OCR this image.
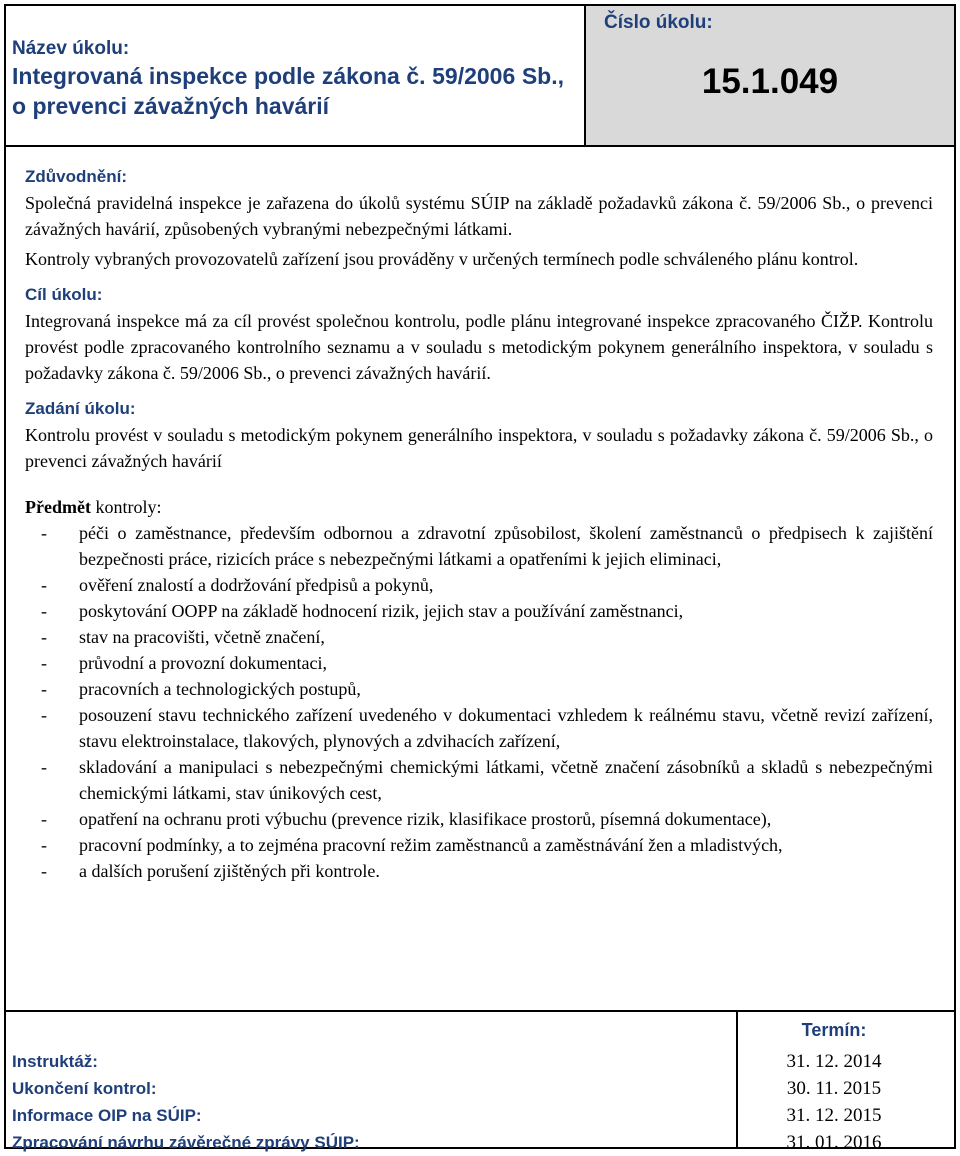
Název úkolu:
Integrovaná inspekce podle zákona č. 59/2006 Sb., o prevenci závažných havárií
Číslo úkolu:
15.1.049
Zdůvodnění:
Společná pravidelná inspekce je zařazena do úkolů systému SÚIP na základě požadavků zákona č. 59/2006 Sb., o prevenci závažných havárií, způsobených vybranými nebezpečnými látkami.
Kontroly vybraných provozovatelů zařízení jsou prováděny v určených termínech podle schváleného plánu kontrol.
Cíl úkolu:
Integrovaná inspekce má za cíl provést společnou kontrolu, podle plánu integrované inspekce zpracovaného ČIŽP. Kontrolu provést podle zpracovaného kontrolního seznamu a v souladu s metodickým pokynem generálního inspektora, v souladu s požadavky zákona č. 59/2006 Sb., o prevenci závažných havárií.
Zadání úkolu:
Kontrolu provést v souladu s metodickým pokynem generálního inspektora, v souladu s požadavky zákona č. 59/2006 Sb., o prevenci závažných havárií
Předmět kontroly:
- péči o zaměstnance, především odbornou a zdravotní způsobilost, školení zaměstnanců o předpisech k zajištění bezpečnosti práce, rizicích práce s nebezpečnými látkami a opatřeními k jejich eliminaci,
- ověření znalostí a dodržování předpisů a pokynů,
- poskytování OOPP na základě hodnocení rizik, jejich stav a používání zaměstnanci,
- stav na pracovišti, včetně značení,
- průvodní a provozní dokumentaci,
- pracovních a technologických postupů,
- posouzení stavu technického zařízení uvedeného v dokumentaci vzhledem k reálnému stavu, včetně revizí zařízení, stavu elektroinstalace, tlakových, plynových a zdvihacích zařízení,
- skladování a manipulaci s nebezpečnými chemickými látkami, včetně značení zásobníků a skladů s nebezpečnými chemickými látkami, stav únikových cest,
- opatření na ochranu proti výbuchu (prevence rizik, klasifikace prostorů, písemná dokumentace),
- pracovní podmínky, a to zejména pracovní režim zaměstnanců a zaměstnávání žen a mladistvých,
- a dalších porušení zjištěných při kontrole.
Instruktáž:
Ukončení kontrol:
Informace OIP na SÚIP:
Zpracování návrhu závěrečné zprávy SÚIP:
Termín:
31. 12. 2014
30. 11. 2015
31. 12. 2015
31. 01. 2016
